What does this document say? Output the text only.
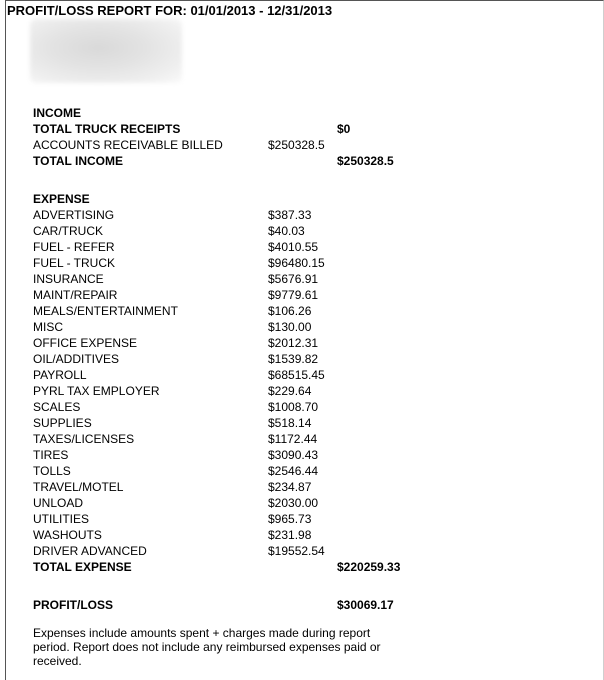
PROFIT/LOSS REPORT FOR: 01/01/2013 - 12/31/2013
INCOME
TOTAL TRUCK RECEIPTS	$0
ACCOUNTS RECEIVABLE BILLED	$250328.5
TOTAL INCOME	$250328.5
EXPENSE
ADVERTISING	$387.33
CAR/TRUCK	$40.03
FUEL - REFER	$4010.55
FUEL - TRUCK	$96480.15
INSURANCE	$5676.91
MAINT/REPAIR	$9779.61
MEALS/ENTERTAINMENT	$106.26
MISC	$130.00
OFFICE EXPENSE	$2012.31
OIL/ADDITIVES	$1539.82
PAYROLL	$68515.45
PYRL TAX EMPLOYER	$229.64
SCALES	$1008.70
SUPPLIES	$518.14
TAXES/LICENSES	$1172.44
TIRES	$3090.43
TOLLS	$2546.44
TRAVEL/MOTEL	$234.87
UNLOAD	$2030.00
UTILITIES	$965.73
WASHOUTS	$231.98
DRIVER ADVANCED	$19552.54
TOTAL EXPENSE	$220259.33
PROFIT/LOSS	$30069.17
Expenses include amounts spent + charges made during report period. Report does not include any reimbursed expenses paid or received.
